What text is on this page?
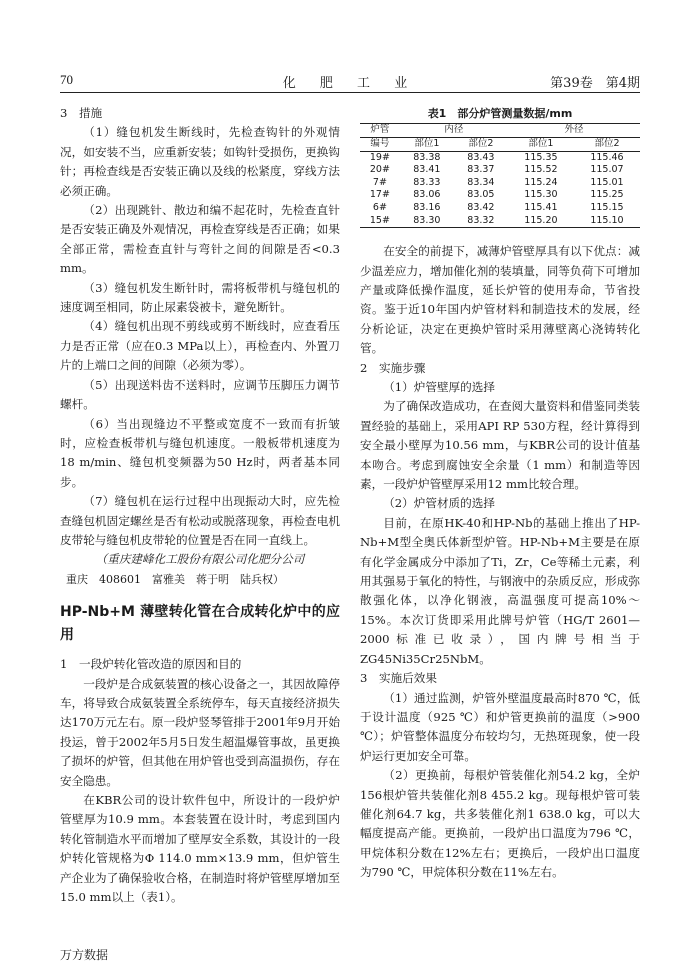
70	化 肥 工 业	第39卷　第4期

3　措施

（1）缝包机发生断线时，先检查钩针的外观情况，如安装不当，应重新安装；如钩针受损伤，更换钩针；再检查线是否安装正确以及线的松紧度，穿线方法必须正确。

（2）出现跳针、散边和编不起花时，先检查直针是否安装正确及外观情况，再检查穿线是否正确；如果全部正常，需检查直针与弯针之间的间隙是否<0.3 mm。

（3）缝包机发生断针时，需将板带机与缝包机的速度调至相同，防止尿素袋被卡，避免断针。

（4）缝包机出现不剪线或剪不断线时，应查看压力是否正常（应在0.3 MPa以上），再检查内、外置刀片的上端口之间的间隙（必须为零）。

（5）出现送料齿不送料时，应调节压脚压力调节螺杆。

（6）当出现缝边不平整或宽度不一致而有折皱时，应检查板带机与缝包机速度。一般板带机速度为18 m/min、缝包机变频器为50 Hz时，两者基本同步。

（7）缝包机在运行过程中出现振动大时，应先检查缝包机固定螺丝是否有松动或脱落现象，再检查电机皮带轮与缝包机皮带轮的位置是否在同一直线上。

（重庆建峰化工股份有限公司化肥分公司

重庆　408601　富雅美　蒋于明　陆兵权）

HP-Nb+M 薄壁转化管在合成转化炉中的应用

1　一段炉转化管改造的原因和目的

一段炉是合成氨装置的核心设备之一，其因故障停车，将导致合成氨装置全系统停车，每天直接经济损失达170万元左右。原一段炉竖琴管排于2001年9月开始投运，曾于2002年5月5日发生超温爆管事故，虽更换了损坏的炉管，但其他在用炉管也受到高温损伤，存在安全隐患。

在KBR公司的设计软件包中，所设计的一段炉炉管壁厚为10.9 mm。本套装置在设计时，考虑到国内转化管制造水平而增加了壁厚安全系数，其设计的一段炉转化管规格为Φ 114.0 mm×13.9 mm，但炉管生产企业为了确保验收合格，在制造时将炉管壁厚增加至15.0 mm以上（表1）。

表1　部分炉管测量数据/mm

炉管	内径		外径	
编号	部位1	部位2	部位1	部位2
19#	83.38	83.43	115.35	115.46
20#	83.41	83.37	115.52	115.07
7#	83.33	83.34	115.24	115.01
17#	83.06	83.05	115.30	115.25
6#	83.16	83.42	115.41	115.15
15#	83.30	83.32	115.20	115.10

在安全的前提下，减薄炉管壁厚具有以下优点：减少温差应力，增加催化剂的装填量，同等负荷下可增加产量或降低操作温度，延长炉管的使用寿命，节省投资。鉴于近10年国内炉管材料和制造技术的发展，经分析论证，决定在更换炉管时采用薄壁离心浇铸转化管。

2　实施步骤

（1）炉管壁厚的选择

为了确保改造成功，在查阅大量资料和借鉴同类装置经验的基础上，采用API RP 530方程，经计算得到安全最小壁厚为10.56 mm，与KBR公司的设计值基本吻合。考虑到腐蚀安全余量（1 mm）和制造等因素，一段炉炉管壁厚采用12 mm比较合理。

（2）炉管材质的选择

目前，在原HK-40和HP-Nb的基础上推出了HP-Nb+M型全奥氏体新型炉管。HP-Nb+M主要是在原有化学金属成分中添加了Ti，Zr，Ce等稀土元素，利用其强易于氧化的特性，与钢液中的杂质反应，形成弥散强化体，以净化钢液，高温强度可提高10%～15%。本次订货即采用此牌号炉管（HG/T 2601—2000标准已收录），国内牌号相当于ZG45Ni35Cr25NbM。

3　实施后效果

（1）通过监测，炉管外壁温度最高时870 ℃，低于设计温度（925 ℃）和炉管更换前的温度（>900 ℃）；炉管整体温度分布较均匀，无热斑现象，使一段炉运行更加安全可靠。

（2）更换前，每根炉管装催化剂54.2 kg，全炉156根炉管共装催化剂8 455.2 kg。现每根炉管可装催化剂64.7 kg，共多装催化剂1 638.0 kg，可以大幅度提高产能。更换前，一段炉出口温度为796 ℃，甲烷体积分数在12%左右；更换后，一段炉出口温度为790 ℃，甲烷体积分数在11%左右。

万方数据
